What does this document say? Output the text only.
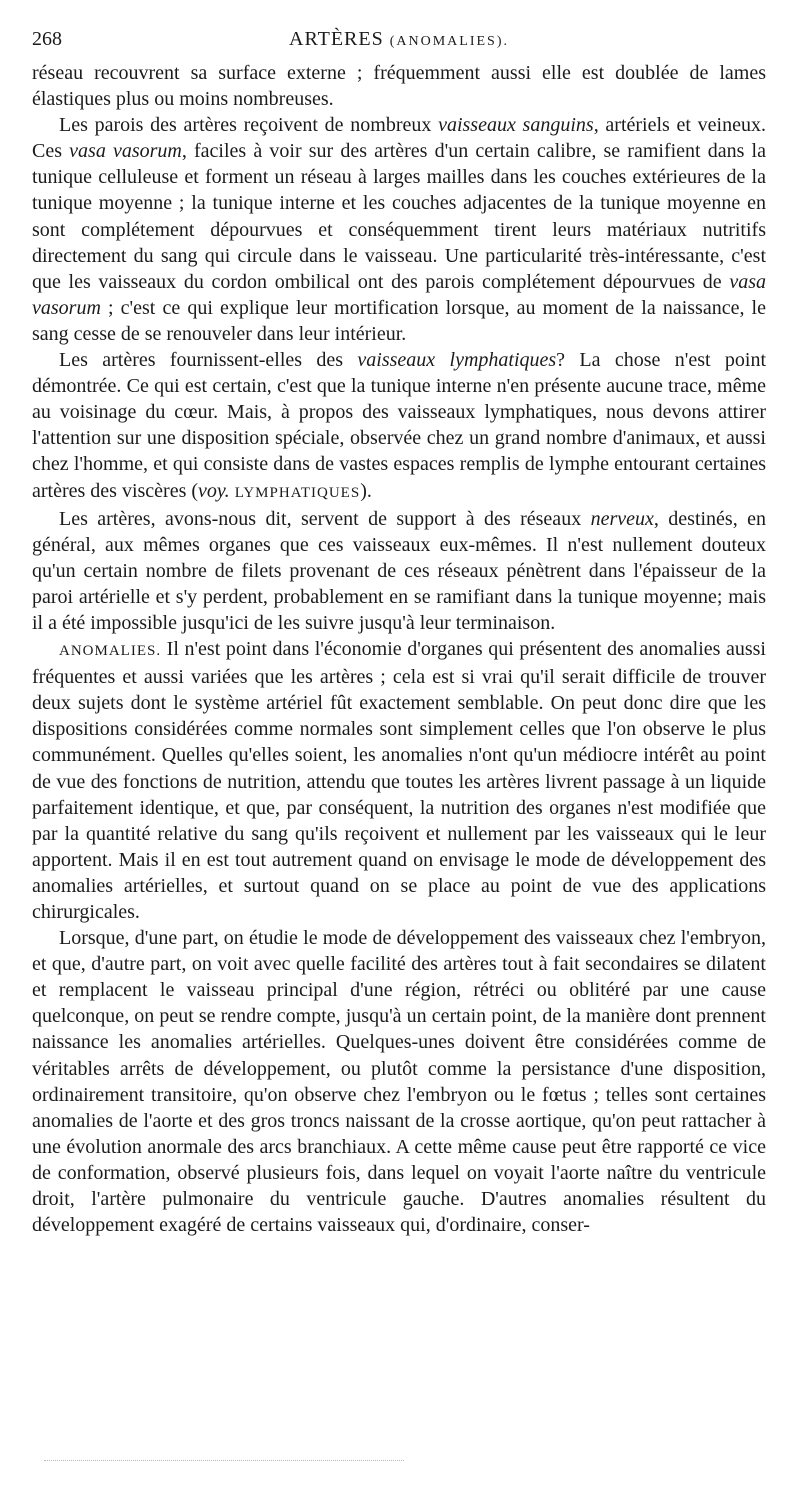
268	ARTÈRES (ANOMALIES).

réseau recouvrent sa surface externe ; fréquemment aussi elle est doublée de lames élastiques plus ou moins nombreuses.

Les parois des artères reçoivent de nombreux vaisseaux sanguins, artériels et veineux. Ces vasa vasorum, faciles à voir sur des artères d'un certain calibre, se ramifient dans la tunique celluleuse et forment un réseau à larges mailles dans les couches extérieures de la tunique moyenne ; la tunique interne et les couches adjacentes de la tunique moyenne en sont complétement dépourvues et conséquemment tirent leurs matériaux nutritifs directement du sang qui circule dans le vaisseau. Une particularité très-intéressante, c'est que les vaisseaux du cordon ombilical ont des parois complétement dépourvues de vasa vasorum ; c'est ce qui explique leur mortification lorsque, au moment de la naissance, le sang cesse de se renouveler dans leur intérieur.

Les artères fournissent-elles des vaisseaux lymphatiques? La chose n'est point démontrée. Ce qui est certain, c'est que la tunique interne n'en présente aucune trace, même au voisinage du cœur. Mais, à propos des vaisseaux lymphatiques, nous devons attirer l'attention sur une disposition spéciale, observée chez un grand nombre d'animaux, et aussi chez l'homme, et qui consiste dans de vastes espaces remplis de lymphe entourant certaines artères des viscères (voy. LYMPHATIQUES).

Les artères, avons-nous dit, servent de support à des réseaux nerveux, destinés, en général, aux mêmes organes que ces vaisseaux eux-mêmes. Il n'est nullement douteux qu'un certain nombre de filets provenant de ces réseaux pénètrent dans l'épaisseur de la paroi artérielle et s'y perdent, probablement en se ramifiant dans la tunique moyenne; mais il a été impossible jusqu'ici de les suivre jusqu'à leur terminaison.

ANOMALIES. Il n'est point dans l'économie d'organes qui présentent des anomalies aussi fréquentes et aussi variées que les artères ; cela est si vrai qu'il serait difficile de trouver deux sujets dont le système artériel fût exactement semblable. On peut donc dire que les dispositions considérées comme normales sont simplement celles que l'on observe le plus communément. Quelles qu'elles soient, les anomalies n'ont qu'un médiocre intérêt au point de vue des fonctions de nutrition, attendu que toutes les artères livrent passage à un liquide parfaitement identique, et que, par conséquent, la nutrition des organes n'est modifiée que par la quantité relative du sang qu'ils reçoivent et nullement par les vaisseaux qui le leur apportent. Mais il en est tout autrement quand on envisage le mode de développement des anomalies artérielles, et surtout quand on se place au point de vue des applications chirurgicales.

Lorsque, d'une part, on étudie le mode de développement des vaisseaux chez l'embryon, et que, d'autre part, on voit avec quelle facilité des artères tout à fait secondaires se dilatent et remplacent le vaisseau principal d'une région, rétréci ou oblitéré par une cause quelconque, on peut se rendre compte, jusqu'à un certain point, de la manière dont prennent naissance les anomalies artérielles. Quelques-unes doivent être considérées comme de véritables arrêts de développement, ou plutôt comme la persistance d'une disposition, ordinairement transitoire, qu'on observe chez l'embryon ou le fœtus ; telles sont certaines anomalies de l'aorte et des gros troncs naissant de la crosse aortique, qu'on peut rattacher à une évolution anormale des arcs branchiaux. A cette même cause peut être rapporté ce vice de conformation, observé plusieurs fois, dans lequel on voyait l'aorte naître du ventricule droit, l'artère pulmonaire du ventricule gauche. D'autres anomalies résultent du développement exagéré de certains vaisseaux qui, d'ordinaire, conser-
